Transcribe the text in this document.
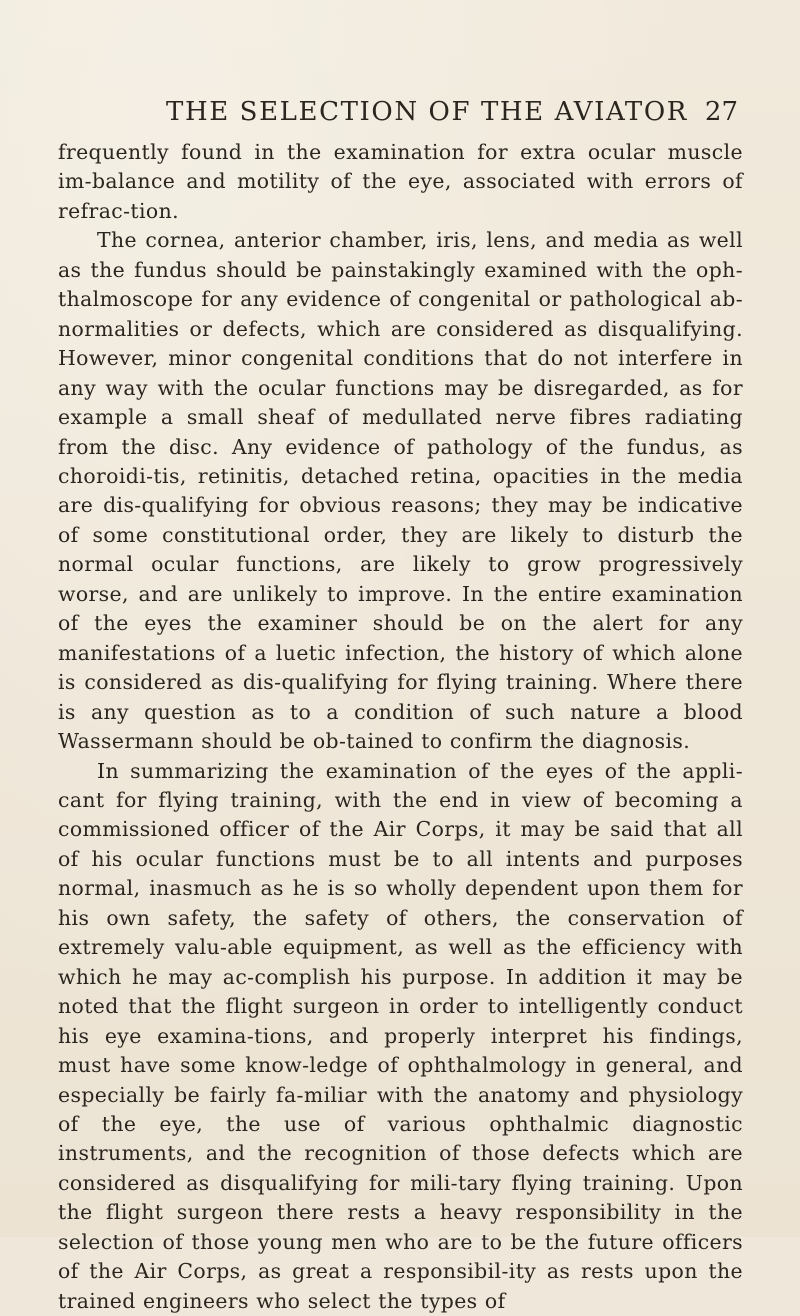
THE SELECTION OF THE AVIATOR 27

frequently found in the examination for extra ocular muscle im-balance and motility of the eye, associated with errors of refrac-tion.

The cornea, anterior chamber, iris, lens, and media as well as the fundus should be painstakingly examined with the oph-thalmoscope for any evidence of congenital or pathological ab-normalities or defects, which are considered as disqualifying. However, minor congenital conditions that do not interfere in any way with the ocular functions may be disregarded, as for example a small sheaf of medullated nerve fibres radiating from the disc. Any evidence of pathology of the fundus, as choroidi-tis, retinitis, detached retina, opacities in the media are dis-qualifying for obvious reasons; they may be indicative of some constitutional order, they are likely to disturb the normal ocular functions, are likely to grow progressively worse, and are unlikely to improve. In the entire examination of the eyes the examiner should be on the alert for any manifestations of a luetic infection, the history of which alone is considered as dis-qualifying for flying training. Where there is any question as to a condition of such nature a blood Wassermann should be ob-tained to confirm the diagnosis.

In summarizing the examination of the eyes of the appli-cant for flying training, with the end in view of becoming a commissioned officer of the Air Corps, it may be said that all of his ocular functions must be to all intents and purposes normal, inasmuch as he is so wholly dependent upon them for his own safety, the safety of others, the conservation of extremely valu-able equipment, as well as the efficiency with which he may ac-complish his purpose. In addition it may be noted that the flight surgeon in order to intelligently conduct his eye examina-tions, and properly interpret his findings, must have some know-ledge of ophthalmology in general, and especially be fairly fa-miliar with the anatomy and physiology of the eye, the use of various ophthalmic diagnostic instruments, and the recognition of those defects which are considered as disqualifying for mili-tary flying training. Upon the flight surgeon there rests a heavy responsibility in the selection of those young men who are to be the future officers of the Air Corps, as great a responsibil-ity as rests upon the trained engineers who select the types of
